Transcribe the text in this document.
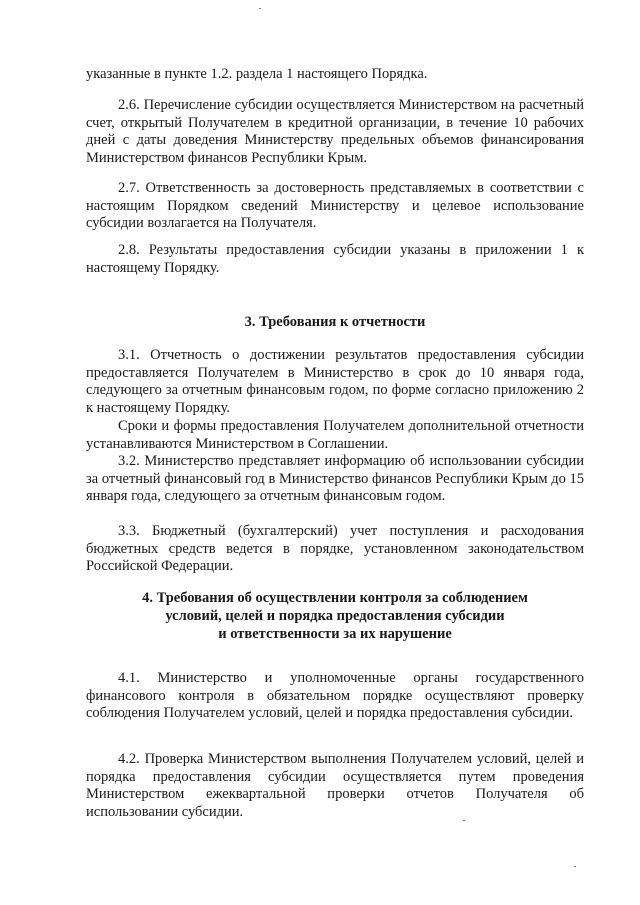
указанные в пункте 1.2. раздела 1 настоящего Порядка.

2.6. Перечисление субсидии осуществляется Министерством на расчетный счет, открытый Получателем в кредитной организации, в течение 10 рабочих дней с даты доведения Министерству предельных объемов финансирования Министерством финансов Республики Крым.

2.7. Ответственность за достоверность представляемых в соответствии с настоящим Порядком сведений Министерству и целевое использование субсидии возлагается на Получателя.

2.8. Результаты предоставления субсидии указаны в приложении 1 к настоящему Порядку.

3. Требования к отчетности

3.1. Отчетность о достижении результатов предоставления субсидии предоставляется Получателем в Министерство в срок до 10 января года, следующего за отчетным финансовым годом, по форме согласно приложению 2 к настоящему Порядку.

Сроки и формы предоставления Получателем дополнительной отчетности устанавливаются Министерством в Соглашении.

3.2. Министерство представляет информацию об использовании субсидии за отчетный финансовый год в Министерство финансов Республики Крым до 15 января года, следующего за отчетным финансовым годом.

3.3. Бюджетный (бухгалтерский) учет поступления и расходования бюджетных средств ведется в порядке, установленном законодательством Российской Федерации.

4. Требования об осуществлении контроля за соблюдением
условий, целей и порядка предоставления субсидии
и ответственности за их нарушение

4.1. Министерство и уполномоченные органы государственного финансового контроля в обязательном порядке осуществляют проверку соблюдения Получателем условий, целей и порядка предоставления субсидии.

4.2. Проверка Министерством выполнения Получателем условий, целей и порядка предоставления субсидии осуществляется путем проведения Министерством ежеквартальной проверки отчетов Получателя об использовании субсидии.
